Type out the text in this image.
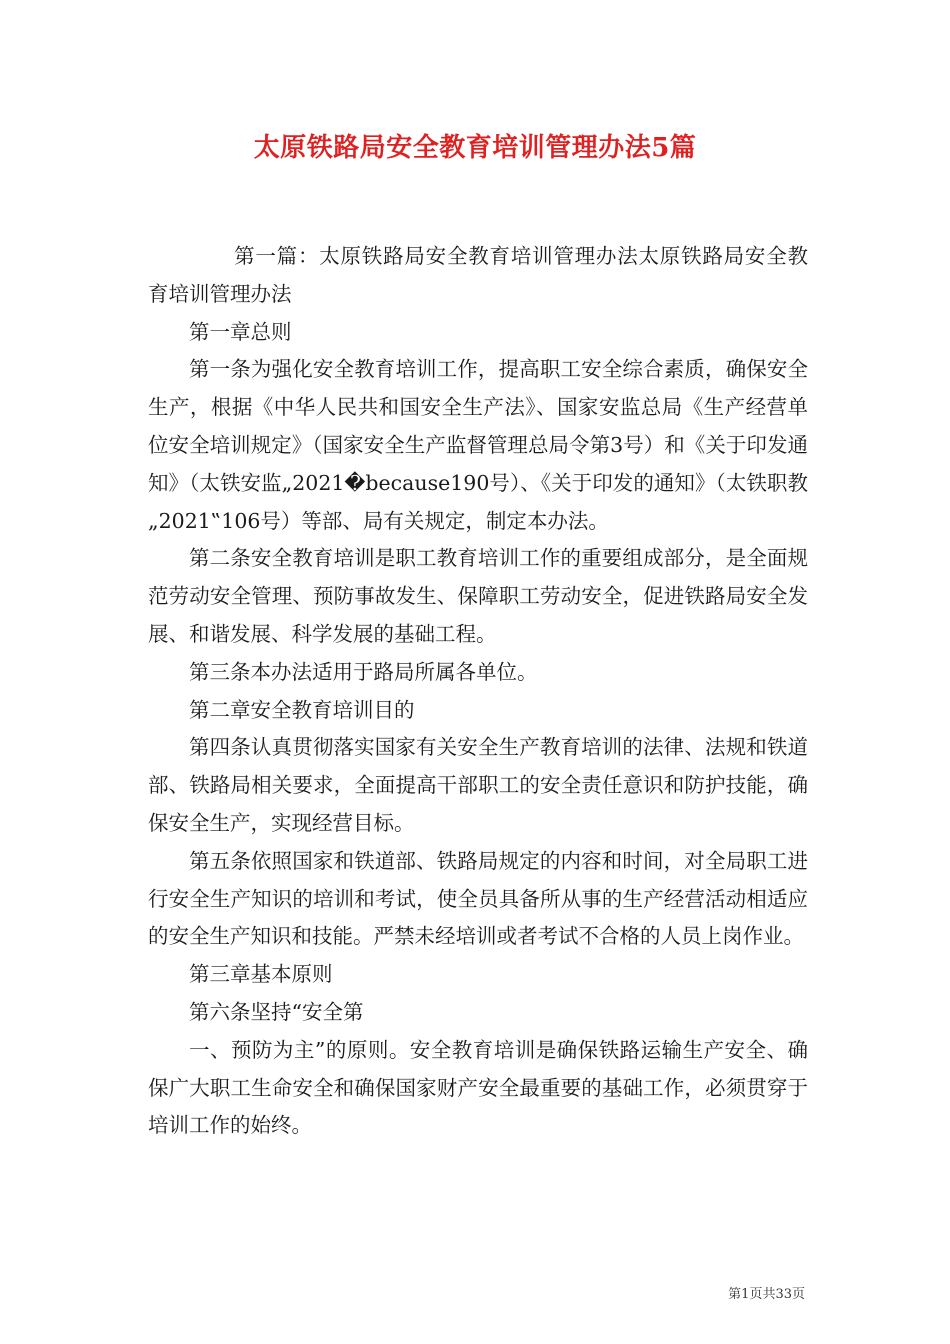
太原铁路局安全教育培训管理办法5篇

第一篇：太原铁路局安全教育培训管理办法太原铁路局安全教育培训管理办法

第一章总则

第一条为强化安全教育培训工作，提高职工安全综合素质，确保安全生产，根据《中华人民共和国安全生产法》、国家安监总局《生产经营单位安全培训规定》（国家安全生产监督管理总局令第3号）和《关于印发通知》（太铁安监„2021�because190号）、《关于印发的通知》（太铁职教„2021‟106号）等部、局有关规定，制定本办法。

第二条安全教育培训是职工教育培训工作的重要组成部分，是全面规范劳动安全管理、预防事故发生、保障职工劳动安全，促进铁路局安全发展、和谐发展、科学发展的基础工程。

第三条本办法适用于路局所属各单位。

第二章安全教育培训目的

第四条认真贯彻落实国家有关安全生产教育培训的法律、法规和铁道部、铁路局相关要求，全面提高干部职工的安全责任意识和防护技能，确保安全生产，实现经营目标。

第五条依照国家和铁道部、铁路局规定的内容和时间，对全局职工进行安全生产知识的培训和考试，使全员具备所从事的生产经营活动相适应的安全生产知识和技能。严禁未经培训或者考试不合格的人员上岗作业。

第三章基本原则

第六条坚持“安全第

一、预防为主”的原则。安全教育培训是确保铁路运输生产安全、确保广大职工生命安全和确保国家财产安全最重要的基础工作，必须贯穿于培训工作的始终。

第1页共33页
